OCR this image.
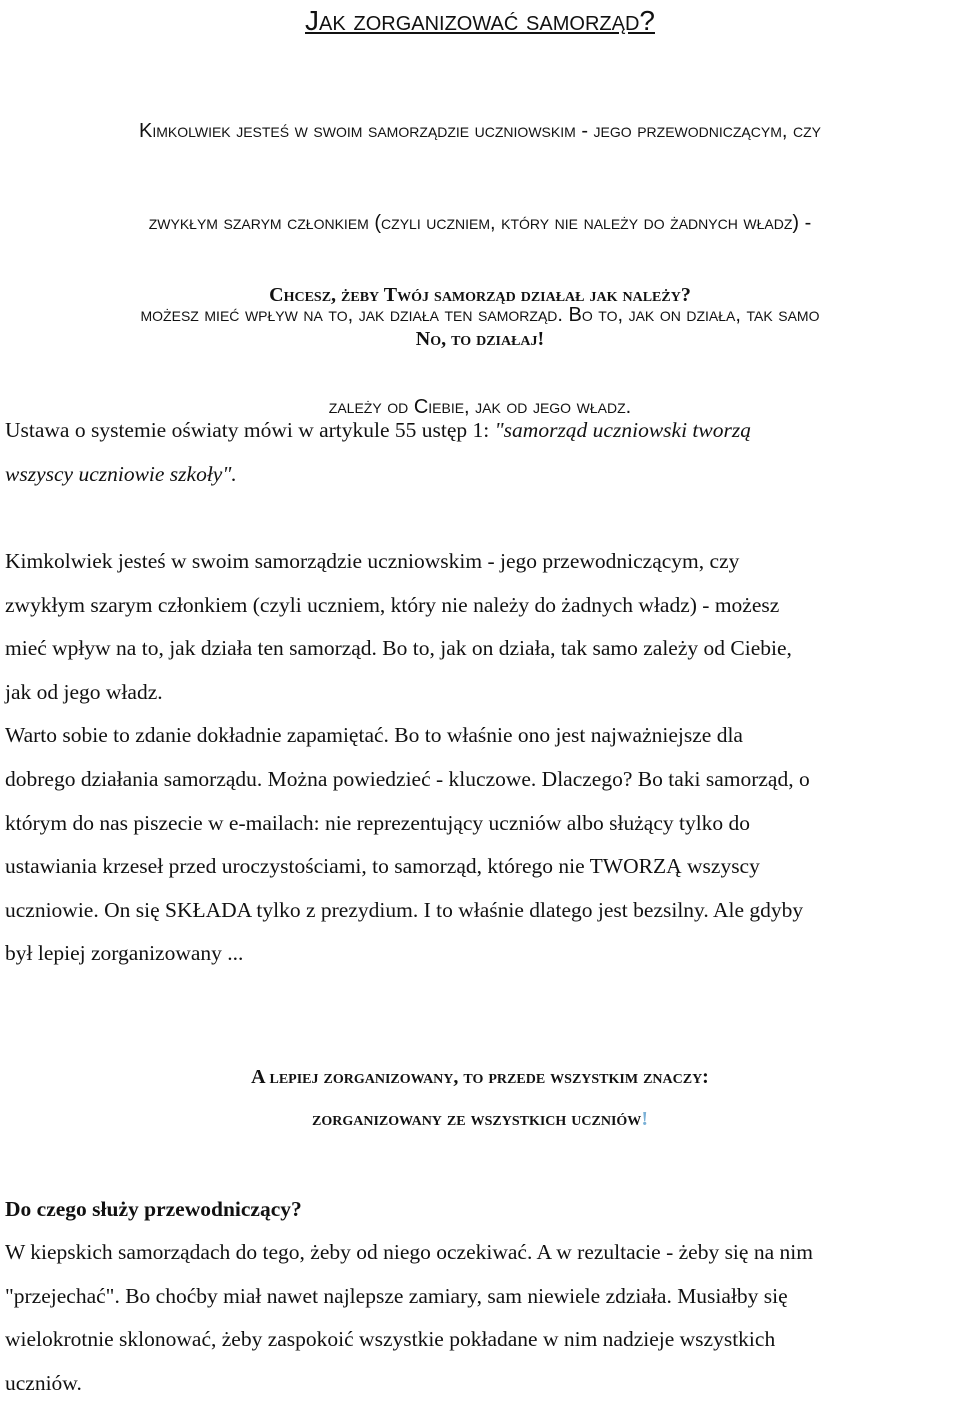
Jak zorganizować samorząd?

Kimkolwiek jesteś w swoim samorządzie uczniowskim - jego przewodniczącym, czy

zwykłym szarym członkiem (czyli uczniem, który nie należy do żadnych władz) -

możesz mieć wpływ na to, jak działa ten samorząd. Bo to, jak on działa, tak samo

zależy od Ciebie, jak od jego władz.

Chcesz, żeby Twój samorząd działał jak należy?
No, to działaj!

Ustawa o systemie oświaty mówi w artykule 55 ustęp 1: "samorząd uczniowski tworzą
wszyscy uczniowie szkoły".

Kimkolwiek jesteś w swoim samorządzie uczniowskim - jego przewodniczącym, czy
zwykłym szarym członkiem (czyli uczniem, który nie należy do żadnych władz) - możesz
mieć wpływ na to, jak działa ten samorząd. Bo to, jak on działa, tak samo zależy od Ciebie,
jak od jego władz.
Warto sobie to zdanie dokładnie zapamiętać. Bo to właśnie ono jest najważniejsze dla
dobrego działania samorządu. Można powiedzieć - kluczowe. Dlaczego? Bo taki samorząd, o
którym do nas piszecie w e-mailach: nie reprezentujący uczniów albo służący tylko do
ustawiania krzeseł przed uroczystościami, to samorząd, którego nie TWORZĄ wszyscy
uczniowie. On się SKŁADA tylko z prezydium. I to właśnie dlatego jest bezsilny. Ale gdyby
był lepiej zorganizowany ...

A lepiej zorganizowany, to przede wszystkim znaczy:
zorganizowany ze wszystkich uczniów!
Do czego służy przewodniczący?

W kiepskich samorządach do tego, żeby od niego oczekiwać. A w rezultacie - żeby się na nim
"przejechać". Bo choćby miał nawet najlepsze zamiary, sam niewiele zdziała. Musiałby się
wielokrotnie sklonować, żeby zaspokoić wszystkie pokładane w nim nadzieje wszystkich
uczniów.
